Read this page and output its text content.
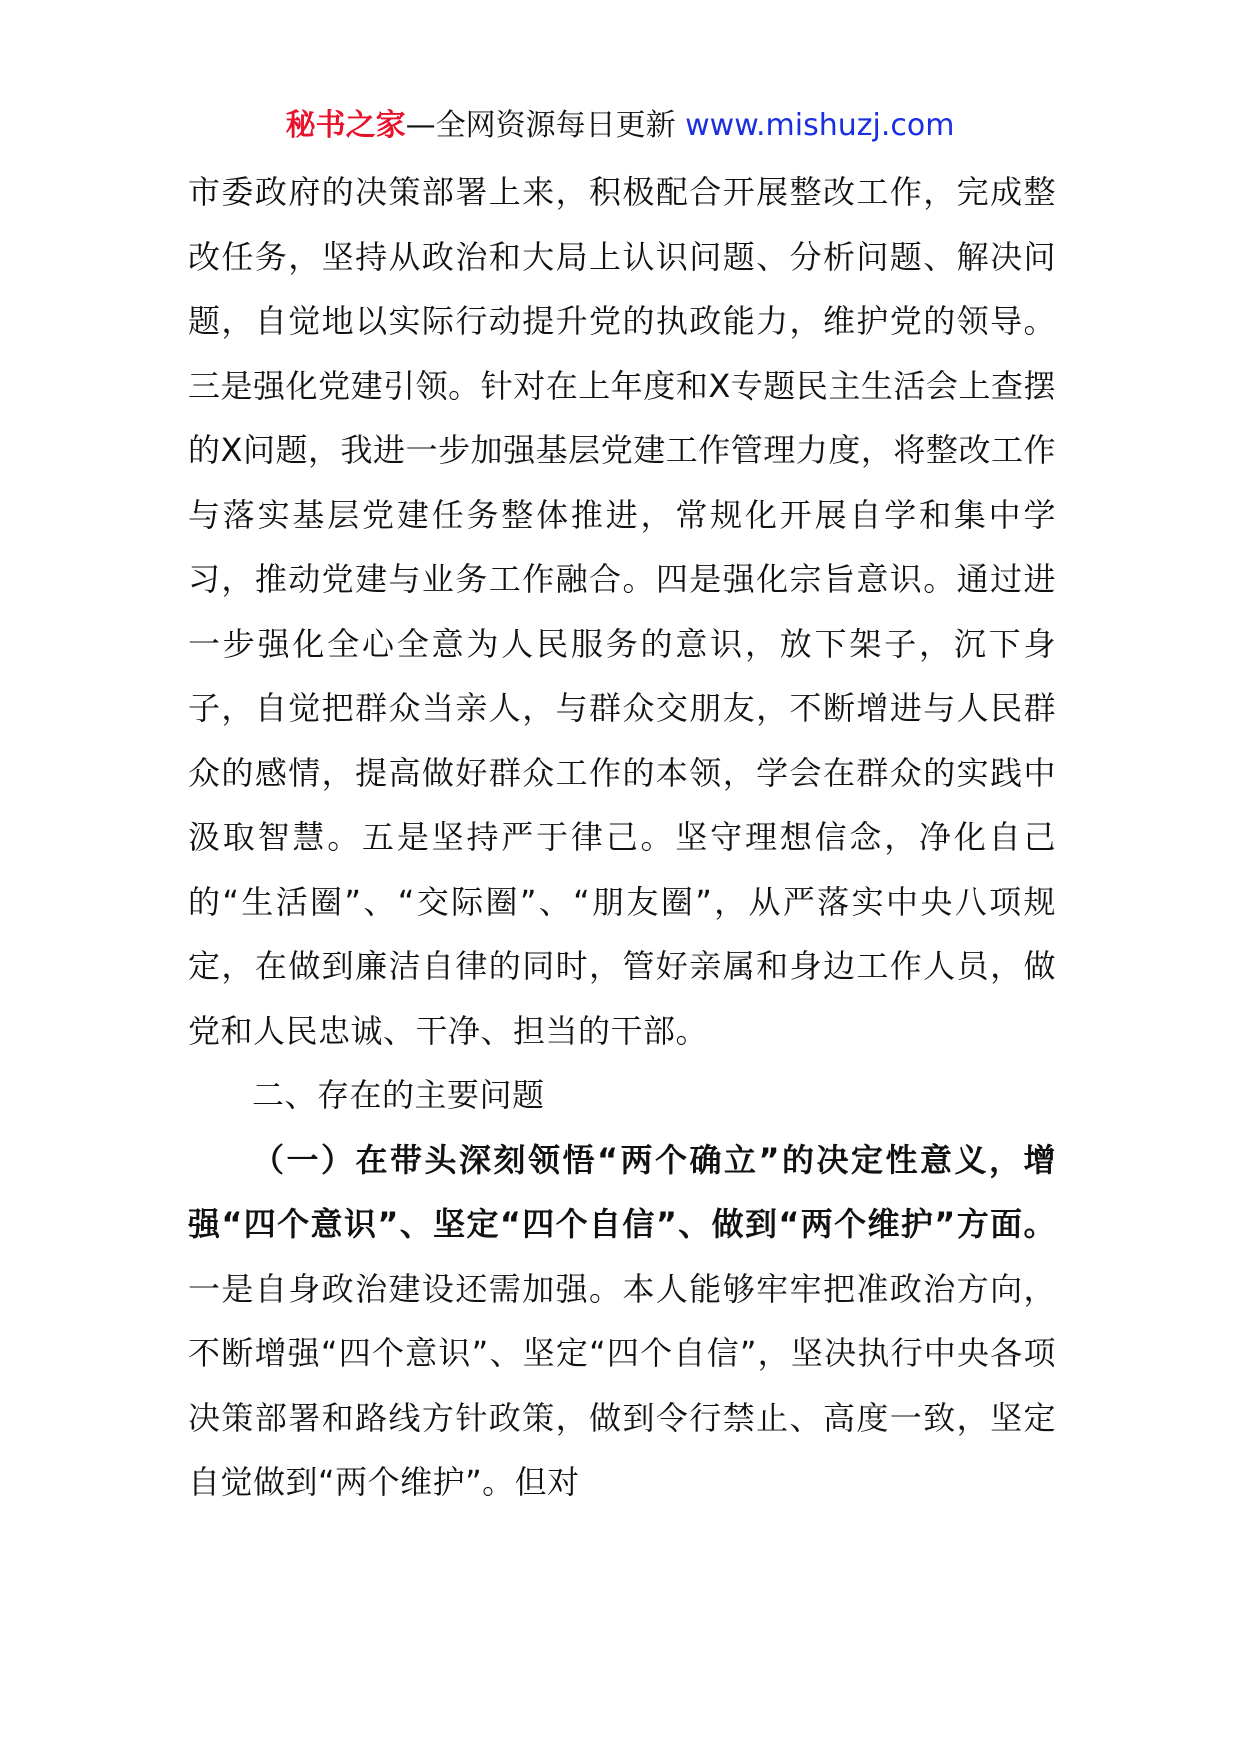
秘书之家—全网资源每日更新 www.mishuzj.com

市委政府的决策部署上来，积极配合开展整改工作，完成整改任务，坚持从政治和大局上认识问题、分析问题、解决问题，自觉地以实际行动提升党的执政能力，维护党的领导。三是强化党建引领。针对在上年度和X专题民主生活会上查摆的X问题，我进一步加强基层党建工作管理力度，将整改工作与落实基层党建任务整体推进，常规化开展自学和集中学习，推动党建与业务工作融合。四是强化宗旨意识。通过进一步强化全心全意为人民服务的意识，放下架子，沉下身子，自觉把群众当亲人，与群众交朋友，不断增进与人民群众的感情，提高做好群众工作的本领，学会在群众的实践中汲取智慧。五是坚持严于律己。坚守理想信念，净化自己的“生活圈”、“交际圈”、“朋友圈”，从严落实中央八项规定，在做到廉洁自律的同时，管好亲属和身边工作人员，做党和人民忠诚、干净、担当的干部。

二、存在的主要问题

（一）在带头深刻领悟“两个确立”的决定性意义，增强“四个意识”、坚定“四个自信”、做到“两个维护”方面。一是自身政治建设还需加强。本人能够牢牢把准政治方向，不断增强“四个意识”、坚定“四个自信”，坚决执行中央各项决策部署和路线方针政策，做到令行禁止、高度一致，坚定自觉做到“两个维护”。但对
